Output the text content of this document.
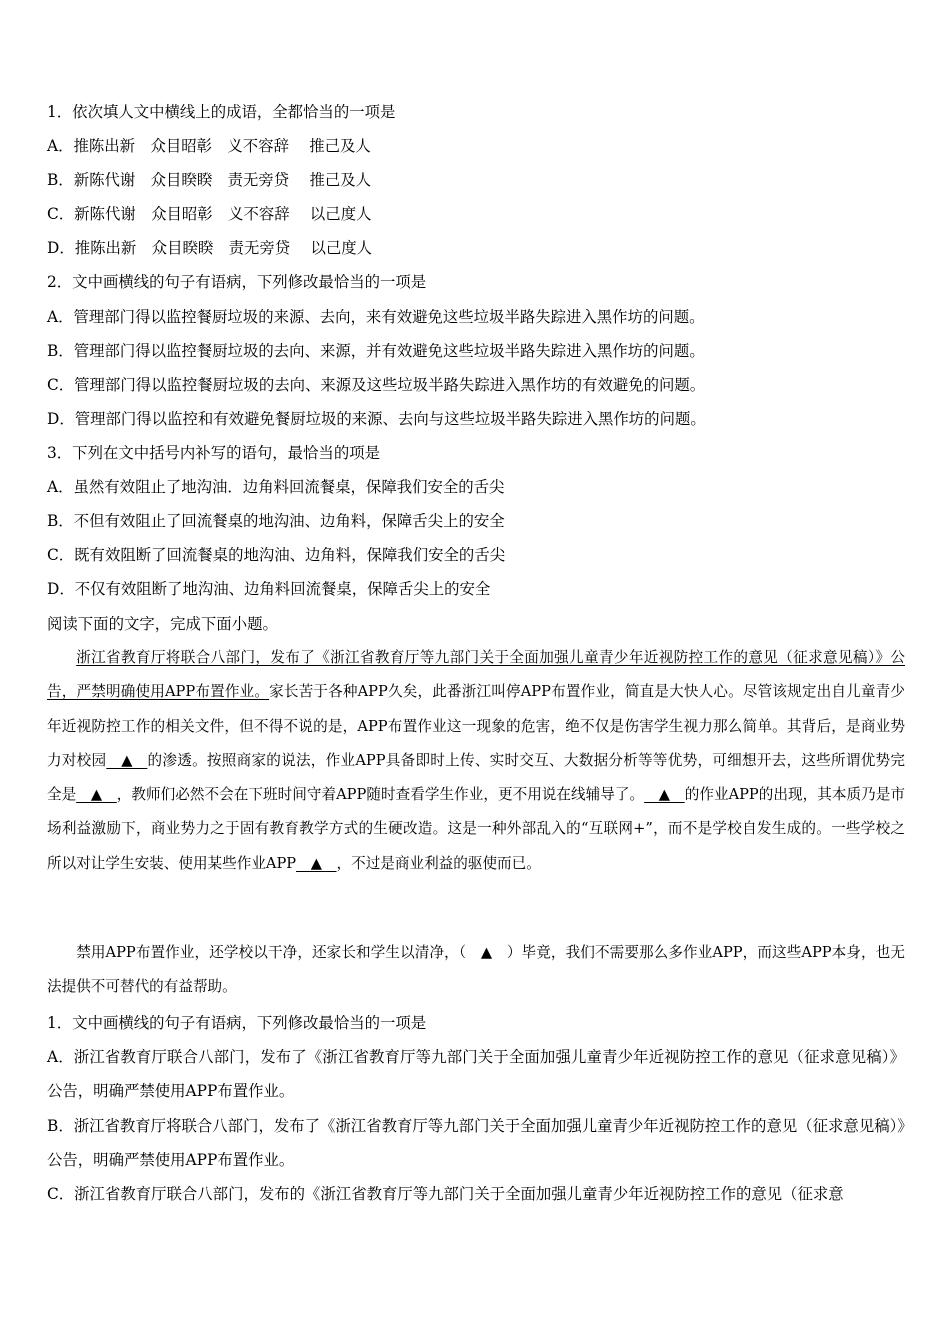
1．依次填人文中横线上的成语，全都恰当的一项是
A．推陈出新　众目昭彰　义不容辞　 推己及人
B．新陈代谢　众目睽睽　责无旁贷　 推己及人
C．新陈代谢　众目昭彰　义不容辞　 以己度人
D．推陈出新　众目睽睽　责无旁贷　 以己度人
2．文中画横线的句子有语病，下列修改最恰当的一项是
A．管理部门得以监控餐厨垃圾的来源、去向，来有效避免这些垃圾半路失踪进入黑作坊的问题。
B．管理部门得以监控餐厨垃圾的去向、来源，并有效避免这些垃圾半路失踪进入黑作坊的问题。
C．管理部门得以监控餐厨垃圾的去向、来源及这些垃圾半路失踪进入黑作坊的有效避免的问题。
D．管理部门得以监控和有效避免餐厨垃圾的来源、去向与这些垃圾半路失踪进入黑作坊的问题。
3．下列在文中括号内补写的语句，最恰当的项是
A．虽然有效阻止了地沟油．边角料回流餐桌，保障我们安全的舌尖
B．不但有效阻止了回流餐桌的地沟油、边角料，保障舌尖上的安全
C．既有效阻断了回流餐桌的地沟油、边角料，保障我们安全的舌尖
D．不仅有效阻断了地沟油、边角料回流餐桌，保障舌尖上的安全
阅读下面的文字，完成下面小题。
浙江省教育厅将联合八部门，发布了《浙江省教育厅等九部门关于全面加强儿童青少年近视防控工作的意见（征求意见稿）》公告，严禁明确使用APP布置作业。家长苦于各种APP久矣，此番浙江叫停APP布置作业，简直是大快人心。尽管该规定出自儿童青少年近视防控工作的相关文件，但不得不说的是，APP布置作业这一现象的危害，绝不仅是伤害学生视力那么简单。其背后，是商业势力对校园__▲__的渗透。按照商家的说法，作业APP具备即时上传、实时交互、大数据分析等等优势，可细想开去，这些所谓优势完全是__▲__，教师们必然不会在下班时间守着APP随时查看学生作业，更不用说在线辅导了。__▲__的作业APP的出现，其本质乃是市场利益激励下，商业势力之于固有教育教学方式的生硬改造。这是一种外部乱入的“互联网+”，而不是学校自发生成的。一些学校之所以对让学生安装、使用某些作业APP__▲__，不过是商业利益的驱使而已。
禁用APP布置作业，还学校以干净，还家长和学生以清净，（　▲　）毕竟，我们不需要那么多作业APP，而这些APP本身，也无法提供不可替代的有益帮助。
1．文中画横线的句子有语病，下列修改最恰当的一项是
A．浙江省教育厅联合八部门，发布了《浙江省教育厅等九部门关于全面加强儿童青少年近视防控工作的意见（征求意见稿）》公告，明确严禁使用APP布置作业。
B．浙江省教育厅将联合八部门，发布了《浙江省教育厅等九部门关于全面加强儿童青少年近视防控工作的意见（征求意见稿）》公告，明确严禁使用APP布置作业。
C．浙江省教育厅联合八部门，发布的《浙江省教育厅等九部门关于全面加强儿童青少年近视防控工作的意见（征求意
